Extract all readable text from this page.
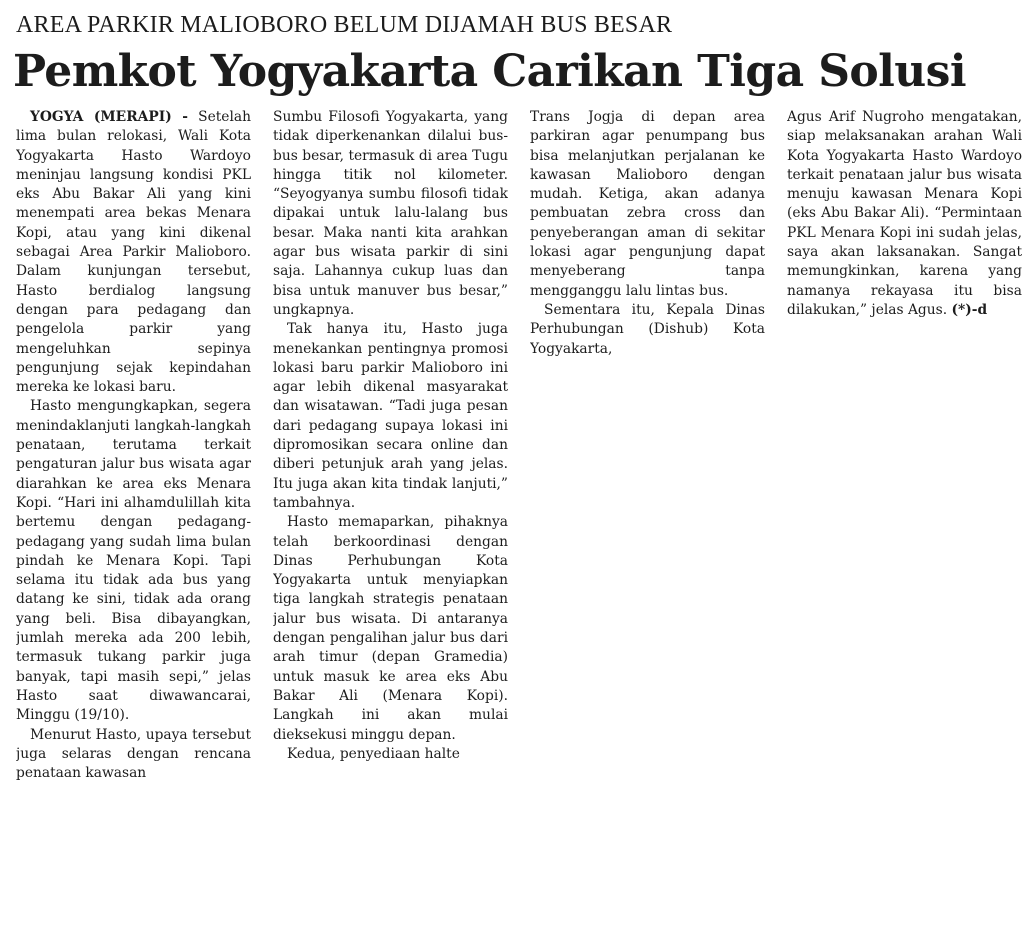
AREA PARKIR MALIOBORO BELUM DIJAMAH BUS BESAR
Pemkot Yogyakarta Carikan Tiga Solusi

YOGYA (MERAPI) - Setelah lima bulan relokasi, Wali Kota Yogyakarta Hasto Wardoyo meninjau langsung kondisi PKL eks Abu Bakar Ali yang kini menempati area bekas Menara Kopi, atau yang kini dikenal sebagai Area Parkir Malioboro. Dalam kunjungan tersebut, Hasto berdialog langsung dengan para pedagang dan pengelola parkir yang mengeluhkan sepinya pengunjung sejak kepindahan mereka ke lokasi baru.

Hasto mengungkapkan, segera menindaklanjuti langkah-langkah penataan, terutama terkait pengaturan jalur bus wisata agar diarahkan ke area eks Menara Kopi. “Hari ini alhamdulillah kita bertemu dengan pedagang-pedagang yang sudah lima bulan pindah ke Menara Kopi. Tapi selama itu tidak ada bus yang datang ke sini, tidak ada orang yang beli. Bisa dibayangkan, jumlah mereka ada 200 lebih, termasuk tukang parkir juga banyak, tapi masih sepi,” jelas Hasto saat diwawancarai, Minggu (19/10).

Menurut Hasto, upaya tersebut juga selaras dengan rencana penataan kawasan

Sumbu Filosofi Yogyakarta, yang tidak diperkenankan dilalui bus-bus besar, termasuk di area Tugu hingga titik nol kilometer. “Seyogyanya sumbu filosofi tidak dipakai untuk lalu-lalang bus besar. Maka nanti kita arahkan agar bus wisata parkir di sini saja. Lahannya cukup luas dan bisa untuk manuver bus besar,” ungkapnya.

Tak hanya itu, Hasto juga menekankan pentingnya promosi lokasi baru parkir Malioboro ini agar lebih dikenal masyarakat dan wisatawan. “Tadi juga pesan dari pedagang supaya lokasi ini dipromosikan secara online dan diberi petunjuk arah yang jelas. Itu juga akan kita tindak lanjuti,” tambahnya.

Hasto memaparkan, pihaknya telah berkoordinasi dengan Dinas Perhubungan Kota Yogyakarta untuk menyiapkan tiga langkah strategis penataan jalur bus wisata. Di antaranya dengan pengalihan jalur bus dari arah timur (depan Gramedia) untuk masuk ke area eks Abu Bakar Ali (Menara Kopi). Langkah ini akan mulai dieksekusi minggu depan.

Kedua, penyediaan halte

Trans Jogja di depan area parkiran agar penumpang bus bisa melanjutkan perjalanan ke kawasan Malioboro dengan mudah. Ketiga, akan adanya pembuatan zebra cross dan penyeberangan aman di sekitar lokasi agar pengunjung dapat menyeberang tanpa mengganggu lalu lintas bus.

Sementara itu, Kepala Dinas Perhubungan (Dishub) Kota Yogyakarta,

Agus Arif Nugroho mengatakan, siap melaksanakan arahan Wali Kota Yogyakarta Hasto Wardoyo terkait penataan jalur bus wisata menuju kawasan Menara Kopi (eks Abu Bakar Ali). “Permintaan PKL Menara Kopi ini sudah jelas, saya akan laksanakan. Sangat memungkinkan, karena yang namanya rekayasa itu bisa dilakukan,” jelas Agus. (*)-d
